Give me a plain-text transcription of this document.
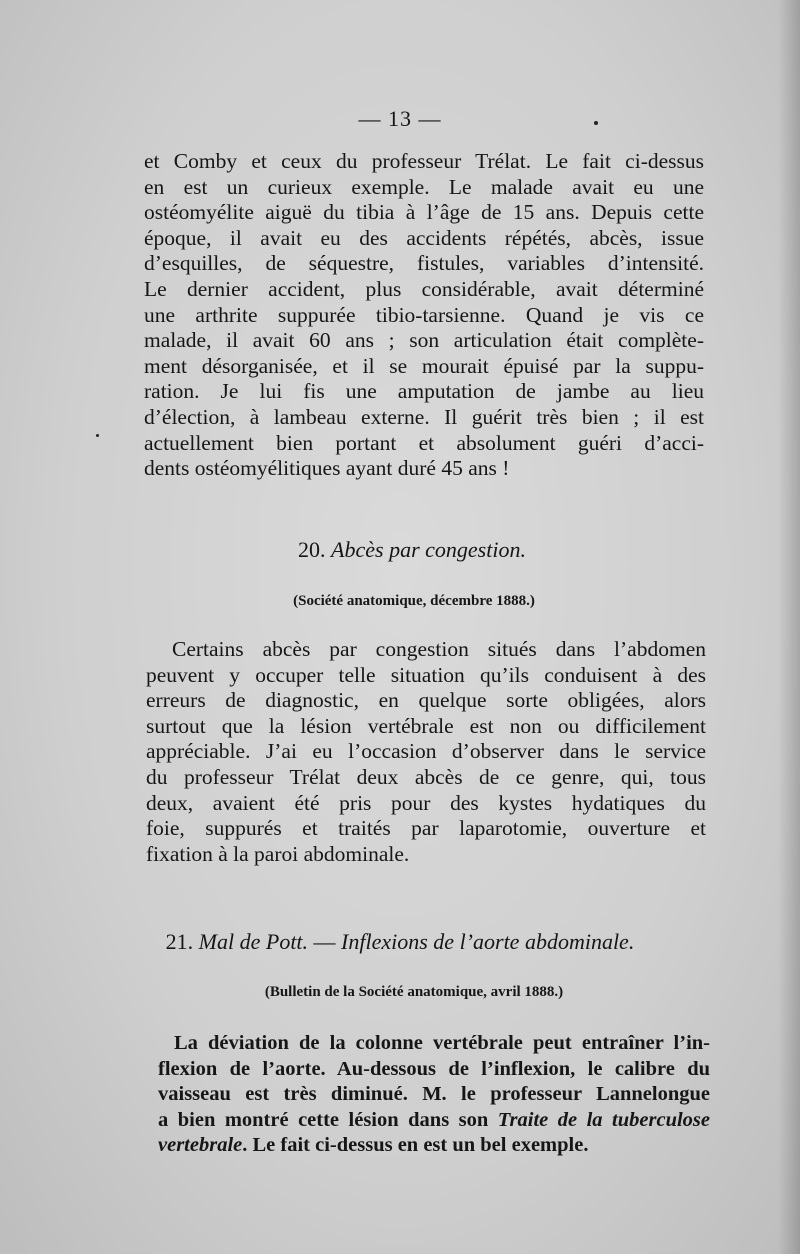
— 13 —
et Comby et ceux du professeur Trélat. Le fait ci-dessus
en est un curieux exemple. Le malade avait eu une
ostéomyélite aiguë du tibia à l’âge de 15 ans. Depuis cette
époque, il avait eu des accidents répétés, abcès, issue
d’esquilles, de séquestre, fistules, variables d’intensité.
Le dernier accident, plus considérable, avait déterminé
une arthrite suppurée tibio-tarsienne. Quand je vis ce
malade, il avait 60 ans ; son articulation était complète-
ment désorganisée, et il se mourait épuisé par la suppu-
ration. Je lui fis une amputation de jambe au lieu
d’élection, à lambeau externe. Il guérit très bien ; il est
actuellement bien portant et absolument guéri d’acci-
dents ostéomyélitiques ayant duré 45 ans !
20. Abcès par congestion.
(Société anatomique, décembre 1888.)
Certains abcès par congestion situés dans l’abdomen
peuvent y occuper telle situation qu’ils conduisent à des
erreurs de diagnostic, en quelque sorte obligées, alors
surtout que la lésion vertébrale est non ou difficilement
appréciable. J’ai eu l’occasion d’observer dans le service
du professeur Trélat deux abcès de ce genre, qui, tous
deux, avaient été pris pour des kystes hydatiques du
foie, suppurés et traités par laparotomie, ouverture et
fixation à la paroi abdominale.
21. Mal de Pott. — Inflexions de l’aorte abdominale.
(Bulletin de la Société anatomique, avril 1888.)
La déviation de la colonne vertébrale peut entraîner l’in-
flexion de l’aorte. Au-dessous de l’inflexion, le calibre du
vaisseau est très diminué. M. le professeur Lannelongue
a bien montré cette lésion dans son Traite de la tuberculose
vertebrale. Le fait ci-dessus en est un bel exemple.
